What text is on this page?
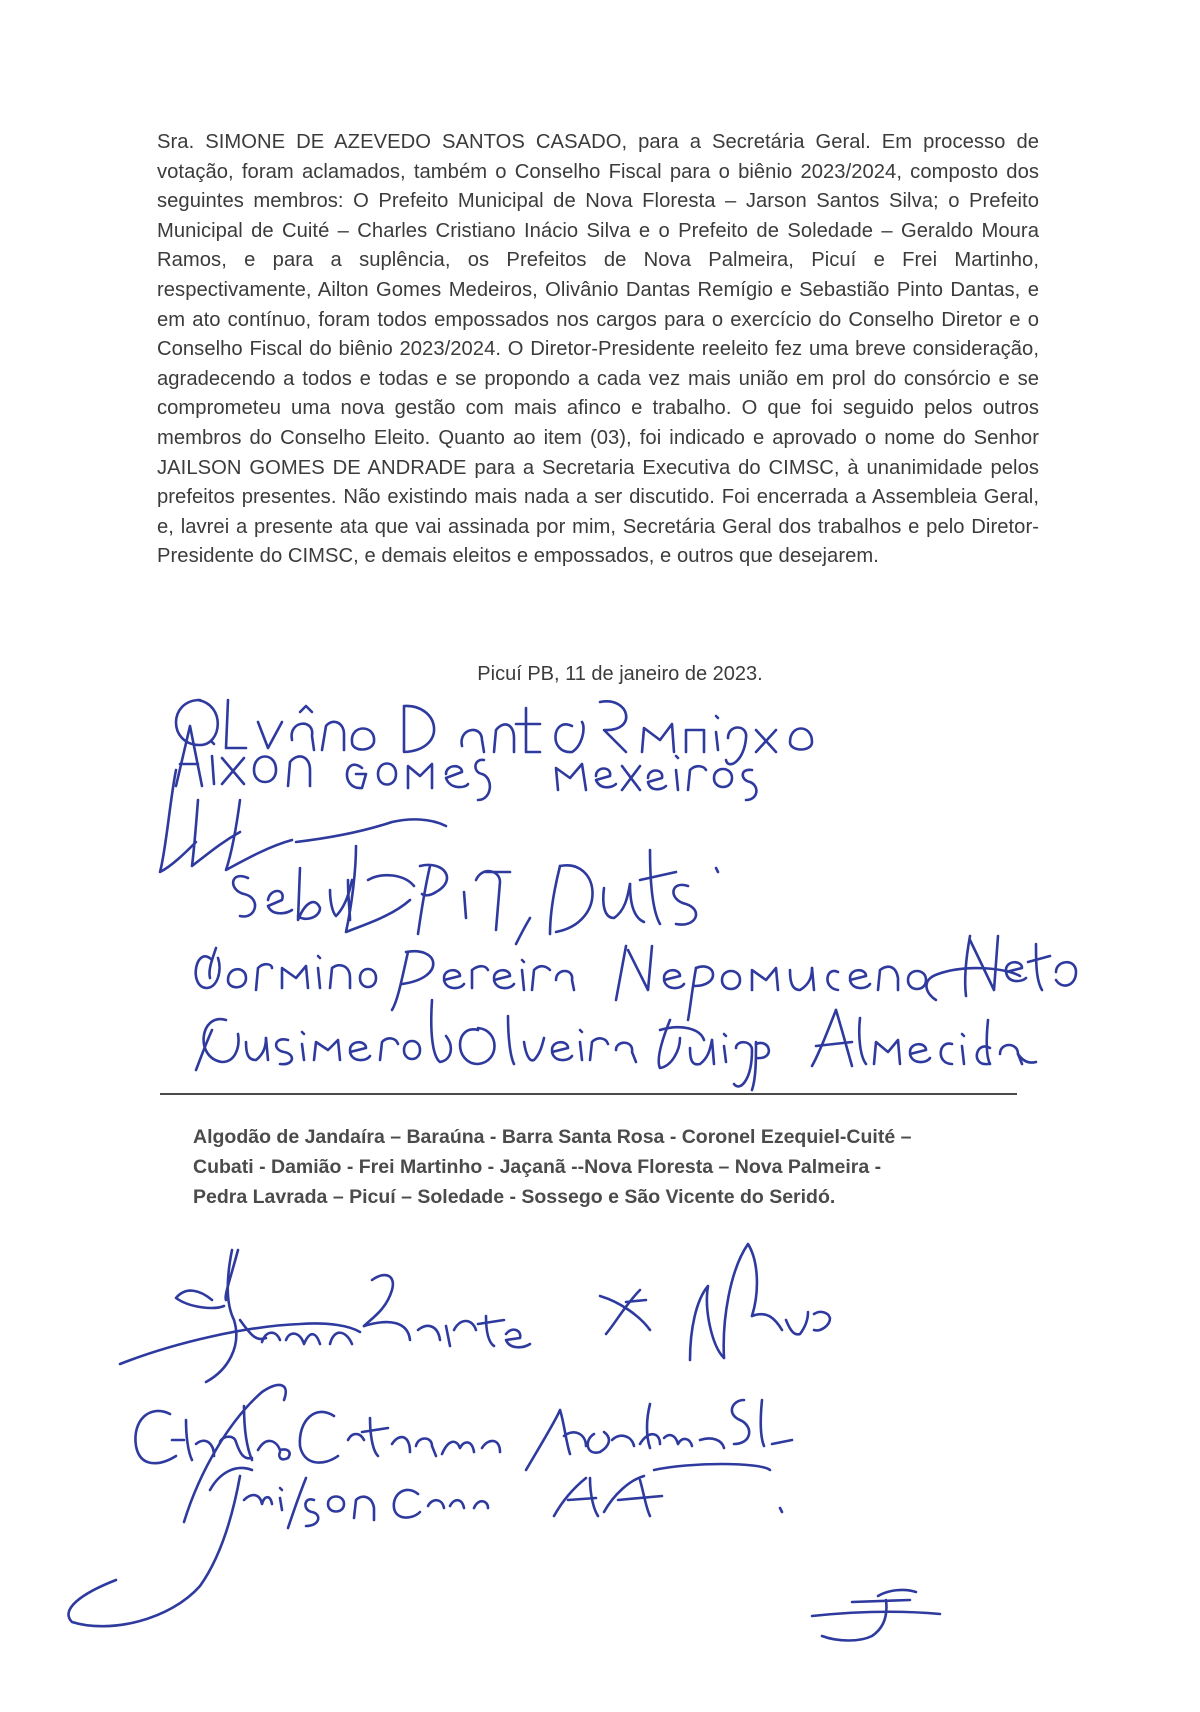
Sra. SIMONE DE AZEVEDO SANTOS CASADO, para a Secretária Geral. Em processo de votação, foram aclamados, também o Conselho Fiscal para o biênio 2023/2024, composto dos seguintes membros: O Prefeito Municipal de Nova Floresta – Jarson Santos Silva; o Prefeito Municipal de Cuité – Charles Cristiano Inácio Silva e o Prefeito de Soledade – Geraldo Moura Ramos, e para a suplência, os Prefeitos de Nova Palmeira, Picuí e Frei Martinho, respectivamente, Ailton Gomes Medeiros, Olivânio Dantas Remígio e Sebastião Pinto Dantas, e em ato contínuo, foram todos empossados nos cargos para o exercício do Conselho Diretor e o Conselho Fiscal do biênio 2023/2024. O Diretor-Presidente reeleito fez uma breve consideração, agradecendo a todos e todas e se propondo a cada vez mais união em prol do consórcio e se comprometeu uma nova gestão com mais afinco e trabalho. O que foi seguido pelos outros membros do Conselho Eleito. Quanto ao item (03), foi indicado e aprovado o nome do Senhor JAILSON GOMES DE ANDRADE para a Secretaria Executiva do CIMSC, à unanimidade pelos prefeitos presentes. Não existindo mais nada a ser discutido. Foi encerrada a Assembleia Geral, e, lavrei a presente ata que vai assinada por mim, Secretária Geral dos trabalhos e pelo Diretor-Presidente do CIMSC, e demais eleitos e empossados, e outros que desejarem.

Picuí PB, 11 de janeiro de 2023.

Algodão de Jandaíra – Baraúna - Barra Santa Rosa - Coronel Ezequiel-Cuité –

Cubati - Damião - Frei Martinho - Jaçanã --Nova Floresta – Nova Palmeira -

Pedra Lavrada – Picuí – Soledade - Sossego e São Vicente do Seridó.
